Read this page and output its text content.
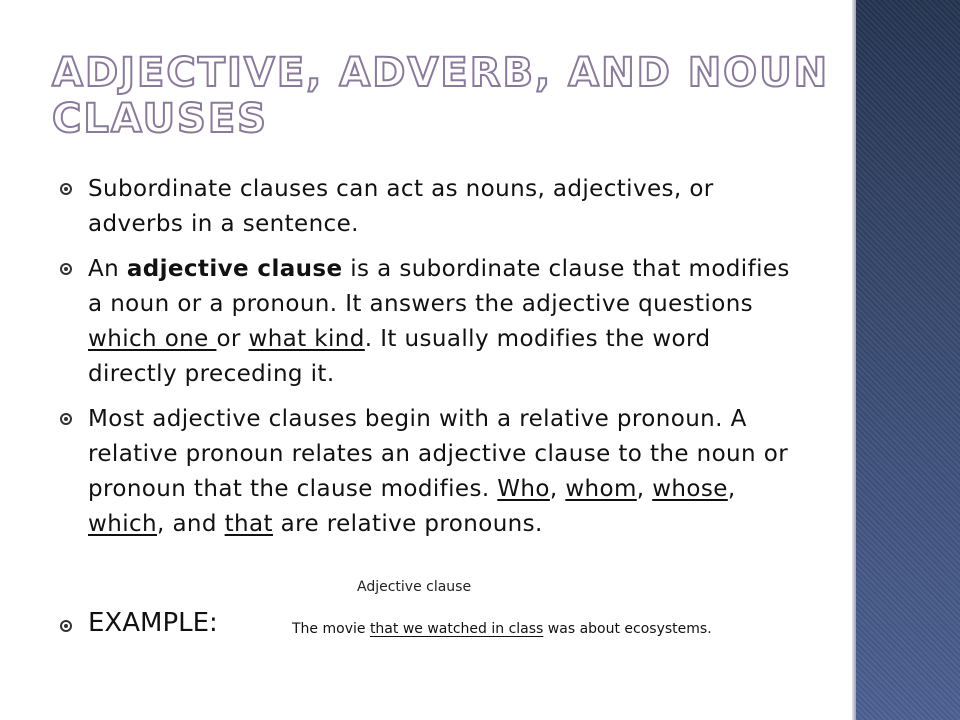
ADJECTIVE, ADVERB, AND NOUN CLAUSES
Subordinate clauses can act as nouns, adjectives, or adverbs in a sentence.
An adjective clause is a subordinate clause that modifies a noun or a pronoun. It answers the adjective questions which one or what kind. It usually modifies the word directly preceding it.
Most adjective clauses begin with a relative pronoun. A relative pronoun relates an adjective clause to the noun or pronoun that the clause modifies. Who, whom, whose, which, and that are relative pronouns.
Adjective clause
EXAMPLE:	The movie that we watched in class was about ecosystems.
